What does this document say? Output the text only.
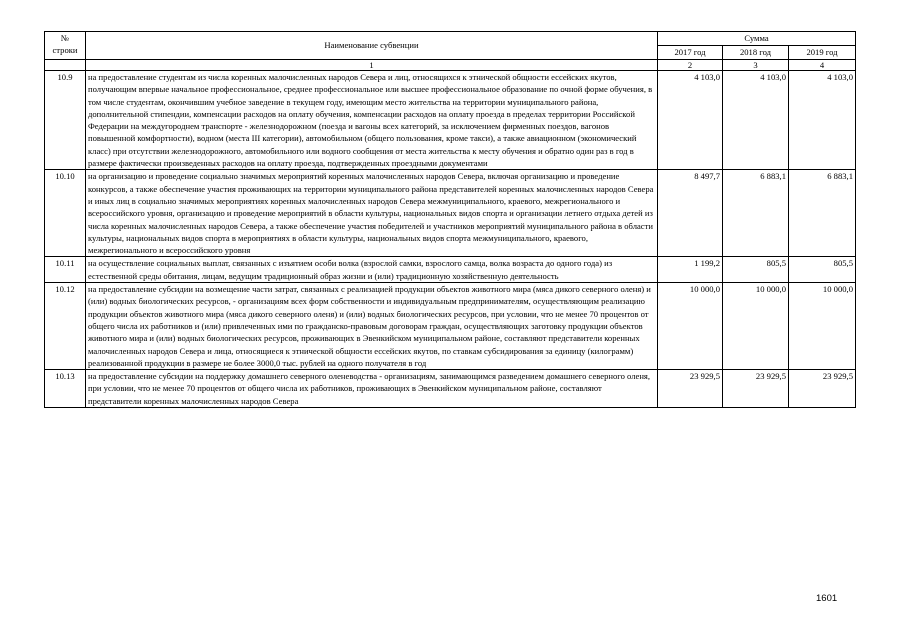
№
строки	Наименование субвенции	Сумма		
		2017 год	2018 год	2019 год
	1	2	3	4
10.9	на предоставление студентам из числа коренных малочисленных народов Севера и лиц, относящихся к этнической общности ессейских якутов, получающим впервые начальное профессиональное, среднее профессиональное или высшее профессиональное образование по очной форме обучения, в том числе студентам, окончившим учебное заведение в текущем году, имеющим место жительства на территории муниципального района, дополнительной стипендии, компенсации расходов на оплату обучения, компенсации расходов на оплату проезда в пределах территории Российской Федерации на междугороднем транспорте - железнодорожном (поезда и вагоны всех категорий, за исключением фирменных поездов, вагонов повышенной комфортности), водном (места III категории), автомобильном (общего пользования, кроме такси), а также авиационном (экономический класс) при отсутствии железнодорожного, автомобильного или водного сообщения от места жительства к месту обучения и обратно один раз в год в размере фактически произведенных расходов на оплату проезда, подтвержденных проездными документами	4 103,0	4 103,0	4 103,0
10.10	на организацию и проведение социально значимых мероприятий коренных малочисленных народов Севера, включая организацию и проведение конкурсов, а также обеспечение участия проживающих на территории муниципального района представителей коренных малочисленных народов Севера и иных лиц в социально значимых мероприятиях коренных малочисленных народов Севера межмуниципального, краевого, межрегионального и всероссийского уровня, организацию и проведение мероприятий в области культуры, национальных видов спорта и организации летнего отдыха детей из числа коренных малочисленных народов Севера, а также обеспечение участия победителей и участников мероприятий муниципального района в области культуры, национальных видов спорта в мероприятиях в области культуры, национальных видов спорта межмуниципального, краевого, межрегионального и всероссийского уровня	8 497,7	6 883,1	6 883,1
10.11	на осуществление социальных выплат, связанных с изъятием особи волка (взрослой самки, взрослого самца, волка возраста до одного года) из естественной среды обитания, лицам, ведущим традиционный образ жизни и (или) традиционную хозяйственную деятельность	1 199,2	805,5	805,5
10.12	на предоставление субсидии на возмещение части затрат, связанных с реализацией продукции объектов животного мира (мяса дикого северного оленя) и (или) водных биологических ресурсов, - организациям всех форм собственности и индивидуальным предпринимателям, осуществляющим реализацию продукции объектов животного мира (мяса дикого северного оленя) и (или) водных биологических ресурсов, при условии, что не менее 70 процентов от общего числа их работников и (или) привлеченных ими по гражданско-правовым договорам граждан, осуществляющих заготовку продукции объектов животного мира и (или) водных биологических ресурсов, проживающих в Эвенкийском муниципальном районе, составляют представители коренных малочисленных народов Севера и лица, относящиеся к этнической общности ессейских якутов, по ставкам субсидирования за единицу (килограмм) реализованной продукции в размере не более 3000,0 тыс. рублей на одного получателя в год	10 000,0	10 000,0	10 000,0
10.13	на предоставление субсидии на поддержку домашнего северного оленеводства - организациям, занимающимся разведением домашнего северного оленя, при условии, что не менее 70 процентов от общего числа их работников, проживающих в Эвенкийском муниципальном районе, составляют представители коренных малочисленных народов Севера	23 929,5	23 929,5	23 929,5
1601
